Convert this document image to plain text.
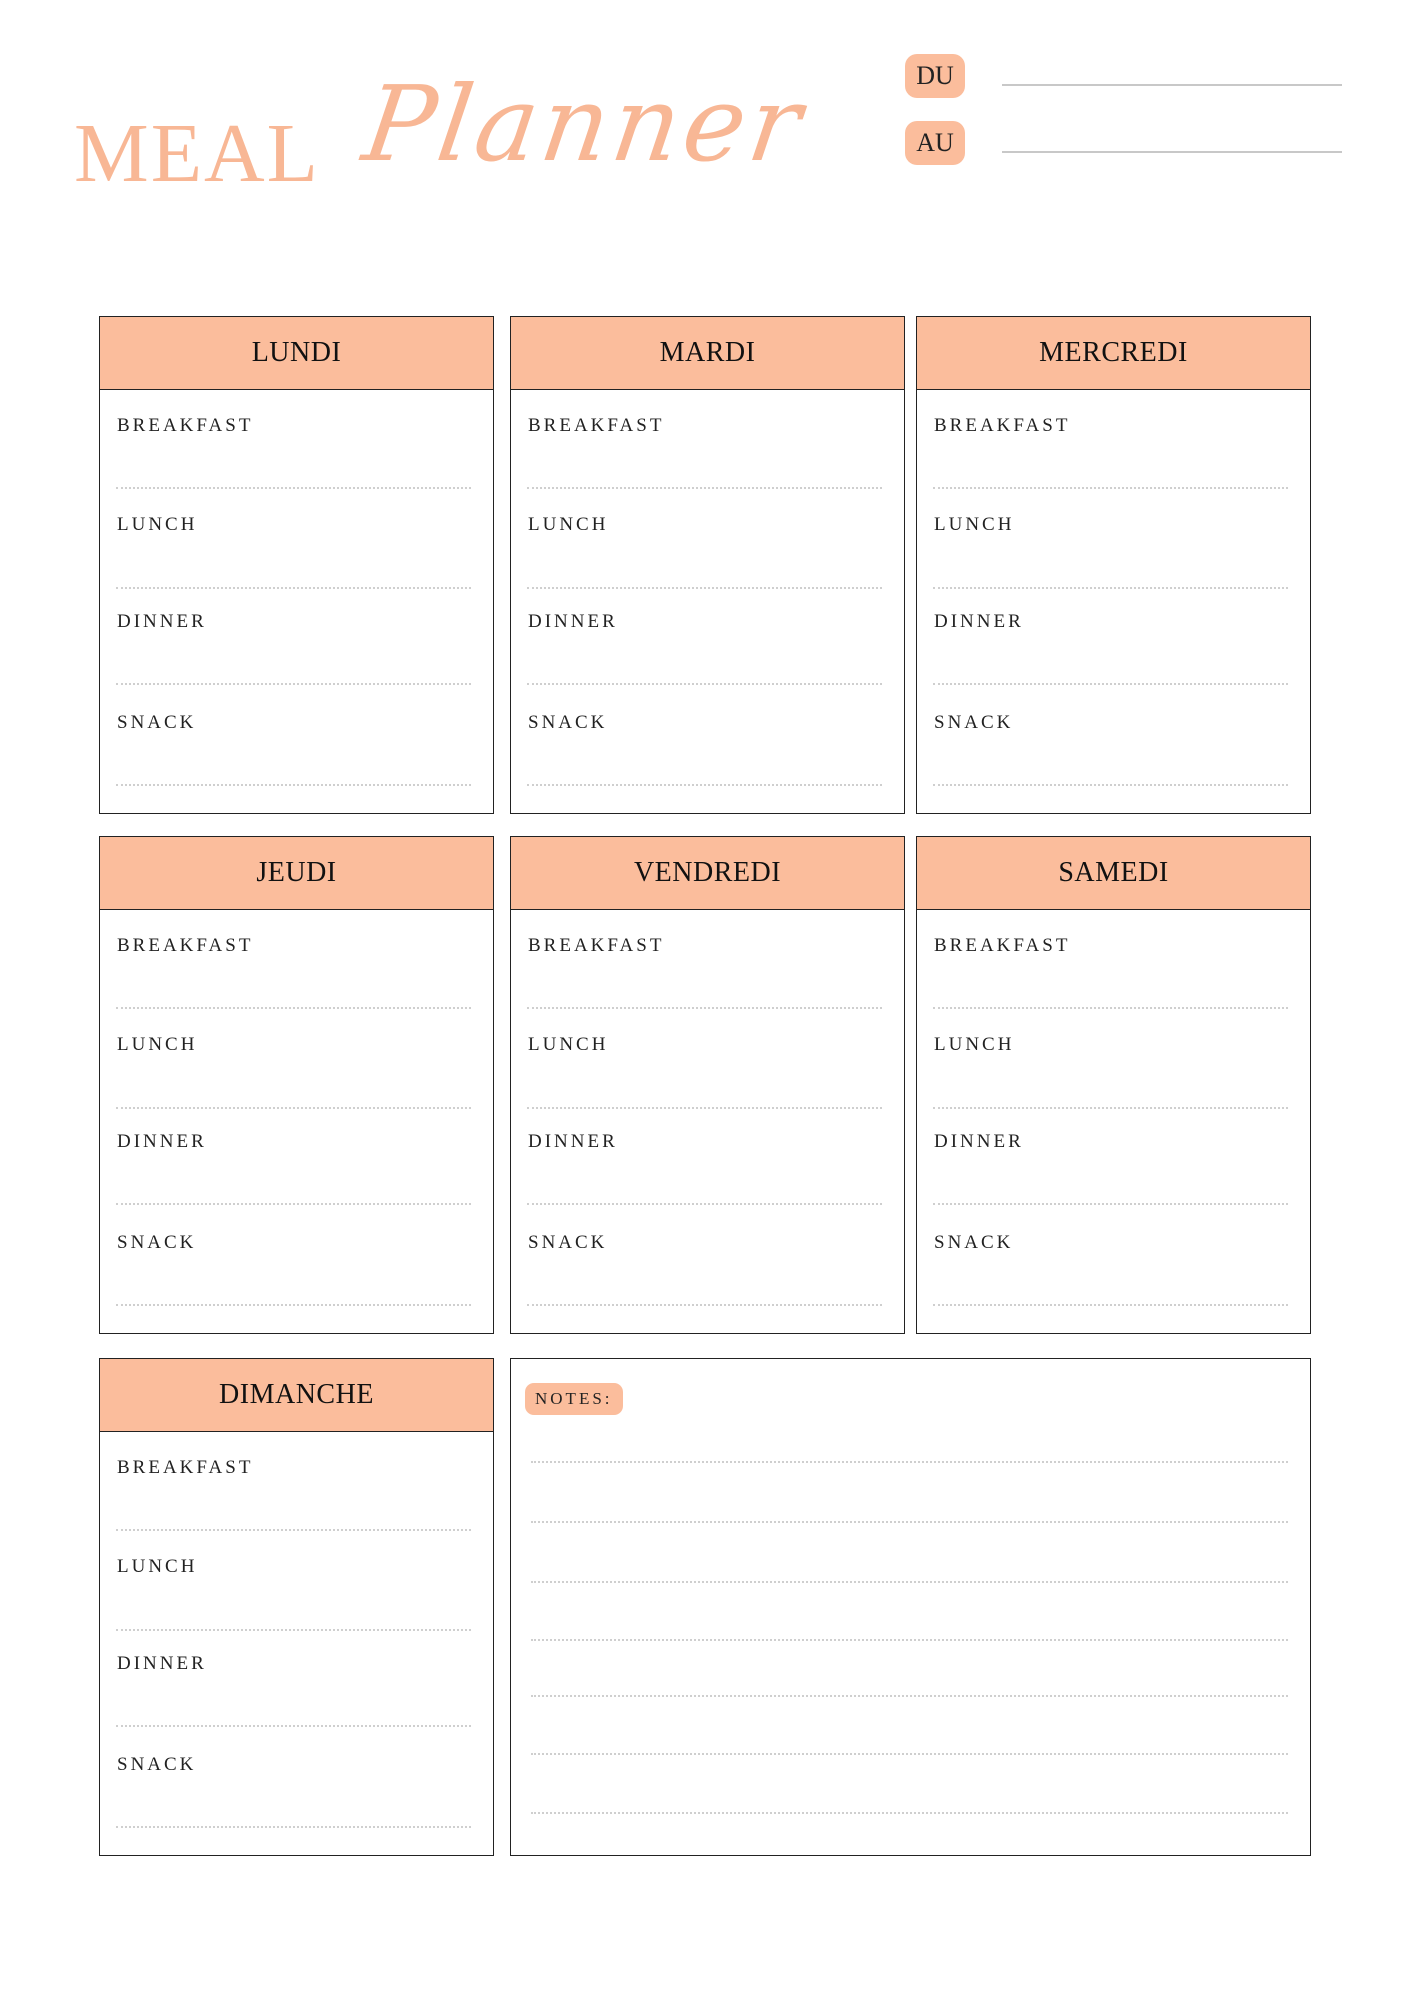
MEAL Planner	DU
AU
LUNDI
BREAKFAST
LUNCH
DINNER
SNACK
MARDI
BREAKFAST
LUNCH
DINNER
SNACK
MERCREDI
BREAKFAST
LUNCH
DINNER
SNACK
JEUDI
BREAKFAST
LUNCH
DINNER
SNACK
VENDREDI
BREAKFAST
LUNCH
DINNER
SNACK
SAMEDI
BREAKFAST
LUNCH
DINNER
SNACK
DIMANCHE
BREAKFAST
LUNCH
DINNER
SNACK
NOTES:
